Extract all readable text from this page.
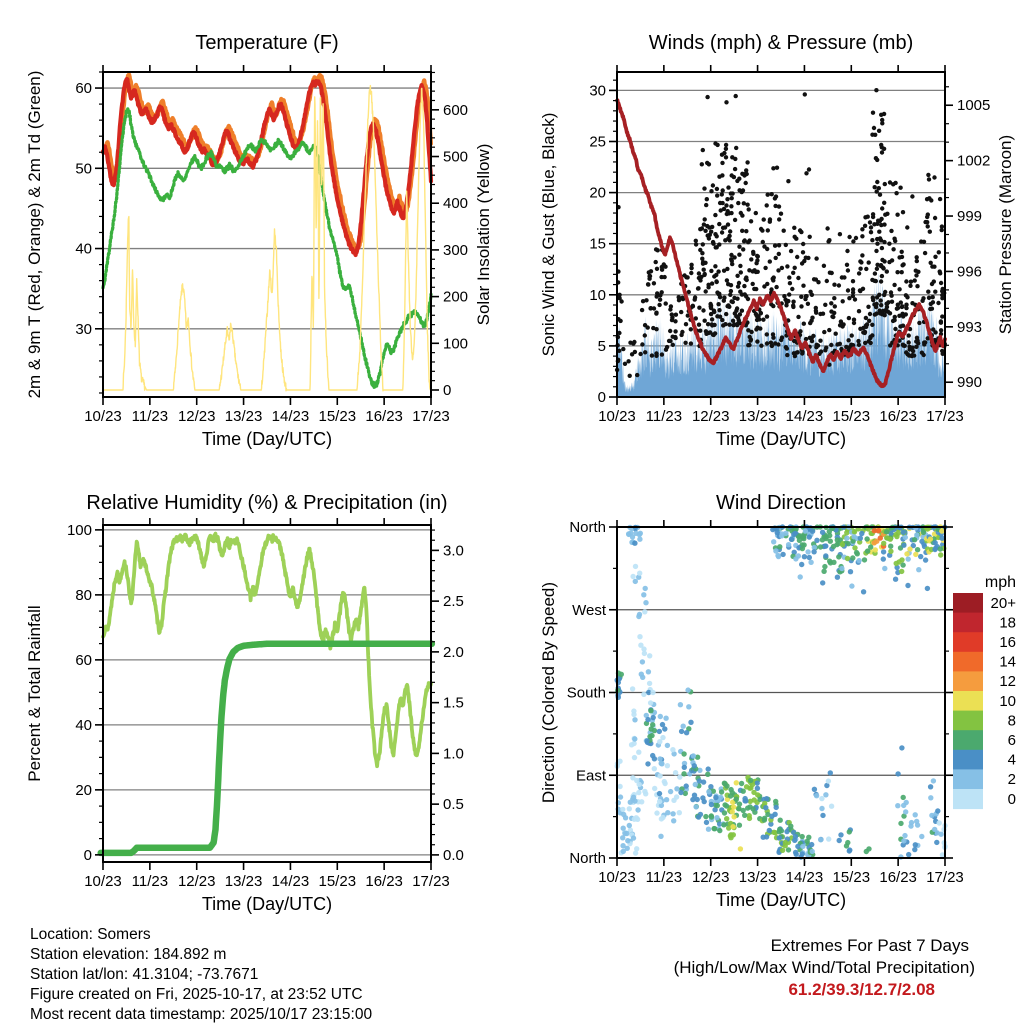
10/23 11/23 12/23 13/23 14/23 15/23 16/23 17/23
Time (Day/UTC)
30
40
50
60
0
100
200
300
400
500
600
Temperature (F)
2m & 9m T (Red, Orange) & 2m Td (Green)	Solar Insolation (Yellow)
10/23 11/23 12/23 13/23 14/23 15/23 16/23 17/23
Time (Day/UTC)
0
5
10
15
20
25
30
990
993
996
999
1002
1005
Winds (mph) & Pressure (mb)
Sonic Wind & Gust (Blue, Black)	Station Pressure (Maroon)
10/23 11/23 12/23 13/23 14/23 15/23 16/23 17/23
Time (Day/UTC)
0
20
40
60
80
100
0.0
0.5
1.0
1.5
2.0
2.5
3.0
Relative Humidity (%) & Precipitation (in)
Percent & Total Rainfall
10/23 11/23 12/23 13/23 14/23 15/23 16/23 17/23
Time (Day/UTC)
North
West
South
East
North
Wind Direction
Direction (Colored By Speed)	mph
20+
18
16
14
12
10
8
6
4
2
0
Location: Somers
Station elevation: 184.892 m
Station lat/lon: 41.3104; -73.7671
Figure created on Fri, 2025-10-17, at 23:52 UTC
Most recent data timestamp: 2025/10/17 23:15:00
Extremes For Past 7 Days
(High/Low/Max Wind/Total Precipitation)
61.2/39.3/12.7/2.08
